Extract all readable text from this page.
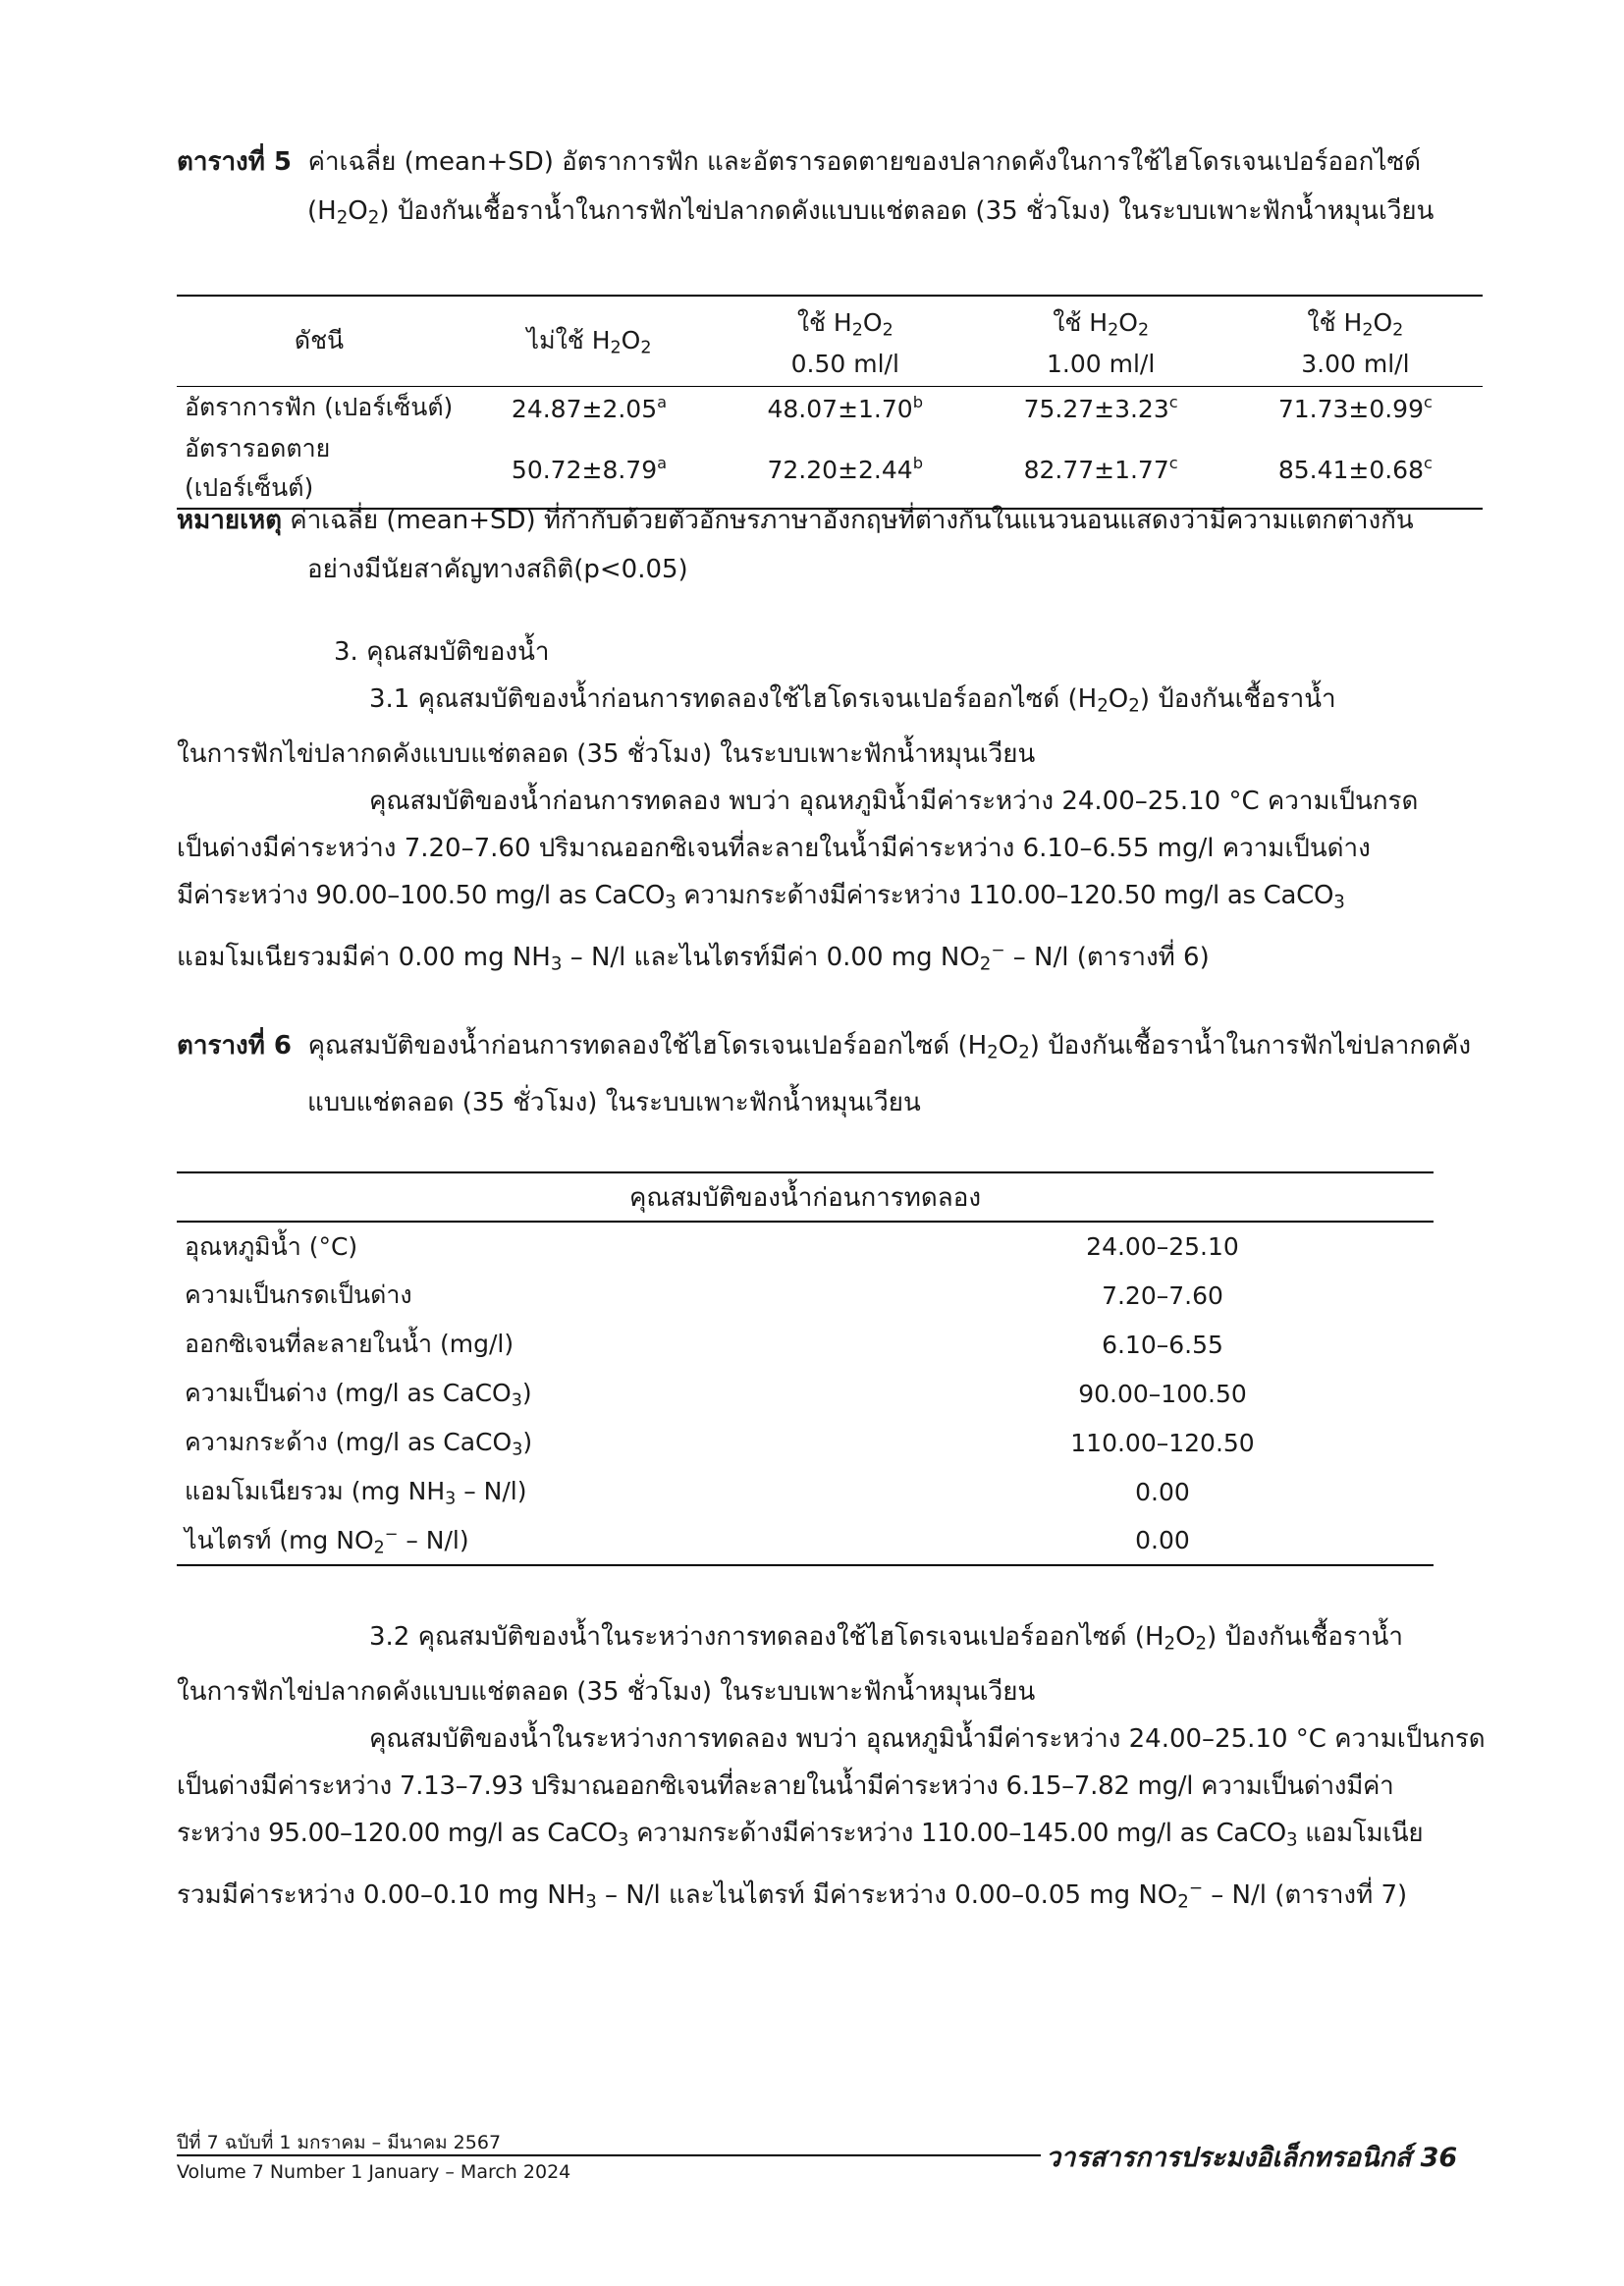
ตารางที่ 5 ค่าเฉลี่ย (mean+SD) อัตราการฟัก และอัตรารอดตายของปลากดคังในการใช้ไฮโดรเจนเปอร์ออกไซด์
$(H_2O_2)$ ป้องกันเชื้อราน้ำในการฟักไข่ปลากดคังแบบแช่ตลอด (35 ชั่วโมง) ในระบบเพาะฟักน้ำหมุนเวียน
ดัชนี	ไม่ใช้ $H_2O_2$	ใช้ $H_2O_2$	ใช้ $H_2O_2$	ใช้ $H_2O_2$
		0.50 ml/l	1.00 ml/l	3.00 ml/l
อัตราการฟัก (เปอร์เซ็นต์)	24.87±2.05$^a$	48.07±1.70$^b$	75.27±3.23$^c$	71.73±0.99$^c$
อัตรารอดตาย (เปอร์เซ็นต์)	50.72±8.79$^a$	72.20±2.44$^b$	82.77±1.77$^c$	85.41±0.68$^c$
หมายเหตุ ค่าเฉลี่ย (mean+SD) ที่กำกับด้วยตัวอักษรภาษาอังกฤษที่ต่างกันในแนวนอนแสดงว่ามีความแตกต่างกัน
อย่างมีนัยสาคัญทางสถิติ(p<0.05)

3. คุณสมบัติของน้ำ

3.1 คุณสมบัติของน้ำก่อนการทดลองใช้ไฮโดรเจนเปอร์ออกไซด์ $(H_2O_2)$ ป้องกันเชื้อราน้ำ

ในการฟักไข่ปลากดคังแบบแช่ตลอด (35 ชั่วโมง) ในระบบเพาะฟักน้ำหมุนเวียน

คุณสมบัติของน้ำก่อนการทดลอง พบว่า อุณหภูมิน้ำมีค่าระหว่าง 24.00–25.10 °C ความเป็นกรด

เป็นด่างมีค่าระหว่าง 7.20–7.60 ปริมาณออกซิเจนที่ละลายในน้ำมีค่าระหว่าง 6.10–6.55 mg/l ความเป็นด่าง

มีค่าระหว่าง 90.00–100.50 mg/l as CaCO$_3$ ความกระด้างมีค่าระหว่าง 110.00–120.50 mg/l as CaCO$_3$

แอมโมเนียรวมมีค่า 0.00 mg $NH_3 - N/l$ และไนไตรท์มีค่า 0.00 mg $NO_2^- - N/l$ (ตารางที่ 6)

ตารางที่ 6 คุณสมบัติของน้ำก่อนการทดลองใช้ไฮโดรเจนเปอร์ออกไซด์ $(H_2O_2)$ ป้องกันเชื้อราน้ำในการฟักไข่ปลากดคัง
แบบแช่ตลอด (35 ชั่วโมง) ในระบบเพาะฟักน้ำหมุนเวียน
คุณสมบัติของน้ำก่อนการทดลอง	
อุณหภูมิน้ำ (°C)	24.00–25.10
ความเป็นกรดเป็นด่าง	7.20–7.60
ออกซิเจนที่ละลายในน้ำ (mg/l)	6.10–6.55
ความเป็นด่าง (mg/l as CaCO$_3$)	90.00–100.50
ความกระด้าง (mg/l as CaCO$_3$)	110.00–120.50
แอมโมเนียรวม (mg $NH_3 - N/l$)	0.00
ไนไตรท์ (mg $NO_2^- - N/l$)	0.00

3.2 คุณสมบัติของน้ำในระหว่างการทดลองใช้ไฮโดรเจนเปอร์ออกไซด์ $(H_2O_2)$ ป้องกันเชื้อราน้ำ

ในการฟักไข่ปลากดคังแบบแช่ตลอด (35 ชั่วโมง) ในระบบเพาะฟักน้ำหมุนเวียน

คุณสมบัติของน้ำในระหว่างการทดลอง พบว่า อุณหภูมิน้ำมีค่าระหว่าง 24.00–25.10 °C ความเป็นกรด

เป็นด่างมีค่าระหว่าง 7.13–7.93 ปริมาณออกซิเจนที่ละลายในน้ำมีค่าระหว่าง 6.15–7.82 mg/l ความเป็นด่างมีค่า

ระหว่าง 95.00–120.00 mg/l as CaCO$_3$ ความกระด้างมีค่าระหว่าง 110.00–145.00 mg/l as CaCO$_3$ แอมโมเนีย

รวมมีค่าระหว่าง 0.00–0.10 mg $NH_3 - N/l$ และไนไตรท์ มีค่าระหว่าง 0.00–0.05 mg $NO_2^- - N/l$ (ตารางที่ 7)

ปีที่ 7 ฉบับที่ 1 มกราคม – มีนาคม 2567
Volume 7 Number 1 January – March 2024	วารสารการประมงอิเล็กทรอนิกส์ 36
